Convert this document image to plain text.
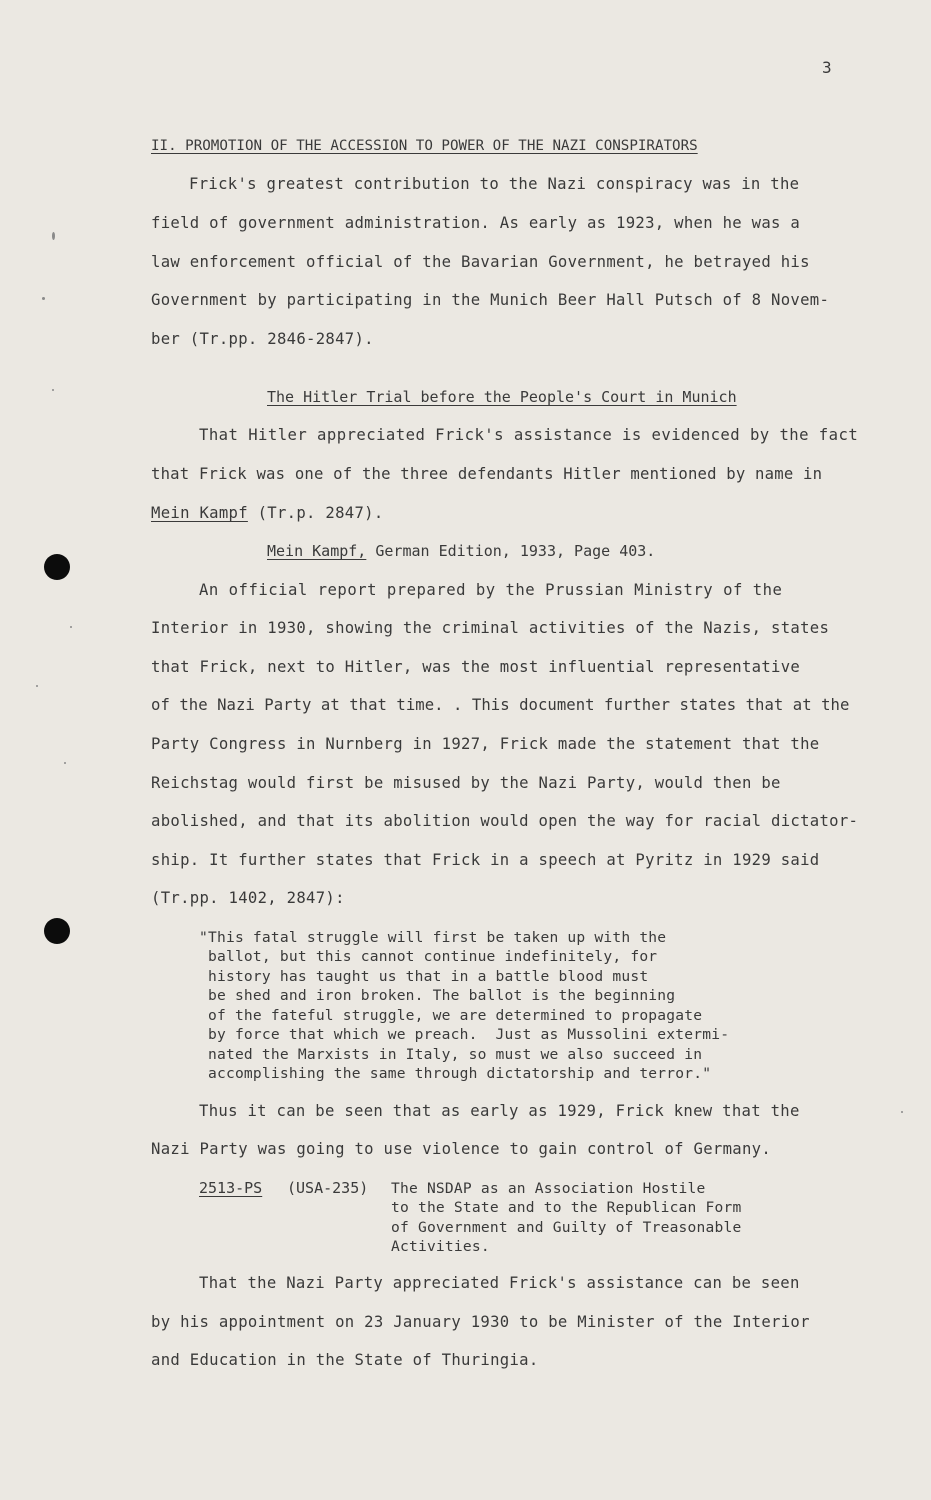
3
II. PROMOTION OF THE ACCESSION TO POWER OF THE NAZI CONSPIRATORS
Frick's greatest contribution to the Nazi conspiracy was in the
field of government administration. As early as 1923, when he was a
law enforcement official of the Bavarian Government, he betrayed his
Government by participating in the Munich Beer Hall Putsch of 8 Novem-
ber (Tr.pp. 2846-2847).
The Hitler Trial before the People's Court in Munich
That Hitler appreciated Frick's assistance is evidenced by the fact
that Frick was one of the three defendants Hitler mentioned by name in
Mein Kampf (Tr.p. 2847).
Mein Kampf, German Edition, 1933, Page 403.
An official report prepared by the Prussian Ministry of the
Interior in 1930, showing the criminal activities of the Nazis, states
that Frick, next to Hitler, was the most influential representative
of the Nazi Party at that time. . This document further states that at the
Party Congress in Nurnberg in 1927, Frick made the statement that the
Reichstag would first be misused by the Nazi Party, would then be
abolished, and that its abolition would open the way for racial dictator-
ship. It further states that Frick in a speech at Pyritz in 1929 said
(Tr.pp. 1402, 2847):
"This fatal struggle will first be taken up with the
ballot, but this cannot continue indefinitely, for
history has taught us that in a battle blood must
be shed and iron broken. The ballot is the beginning
of the fateful struggle, we are determined to propagate
by force that which we preach.  Just as Mussolini extermi-
nated the Marxists in Italy, so must we also succeed in
accomplishing the same through dictatorship and terror."
Thus it can be seen that as early as 1929, Frick knew that the
Nazi Party was going to use violence to gain control of Germany.
2513-PS (USA-235) The NSDAP as an Association Hostile
to the State and to the Republican Form
of Government and Guilty of Treasonable
Activities.
That the Nazi Party appreciated Frick's assistance can be seen
by his appointment on 23 January 1930 to be Minister of the Interior
and Education in the State of Thuringia.
